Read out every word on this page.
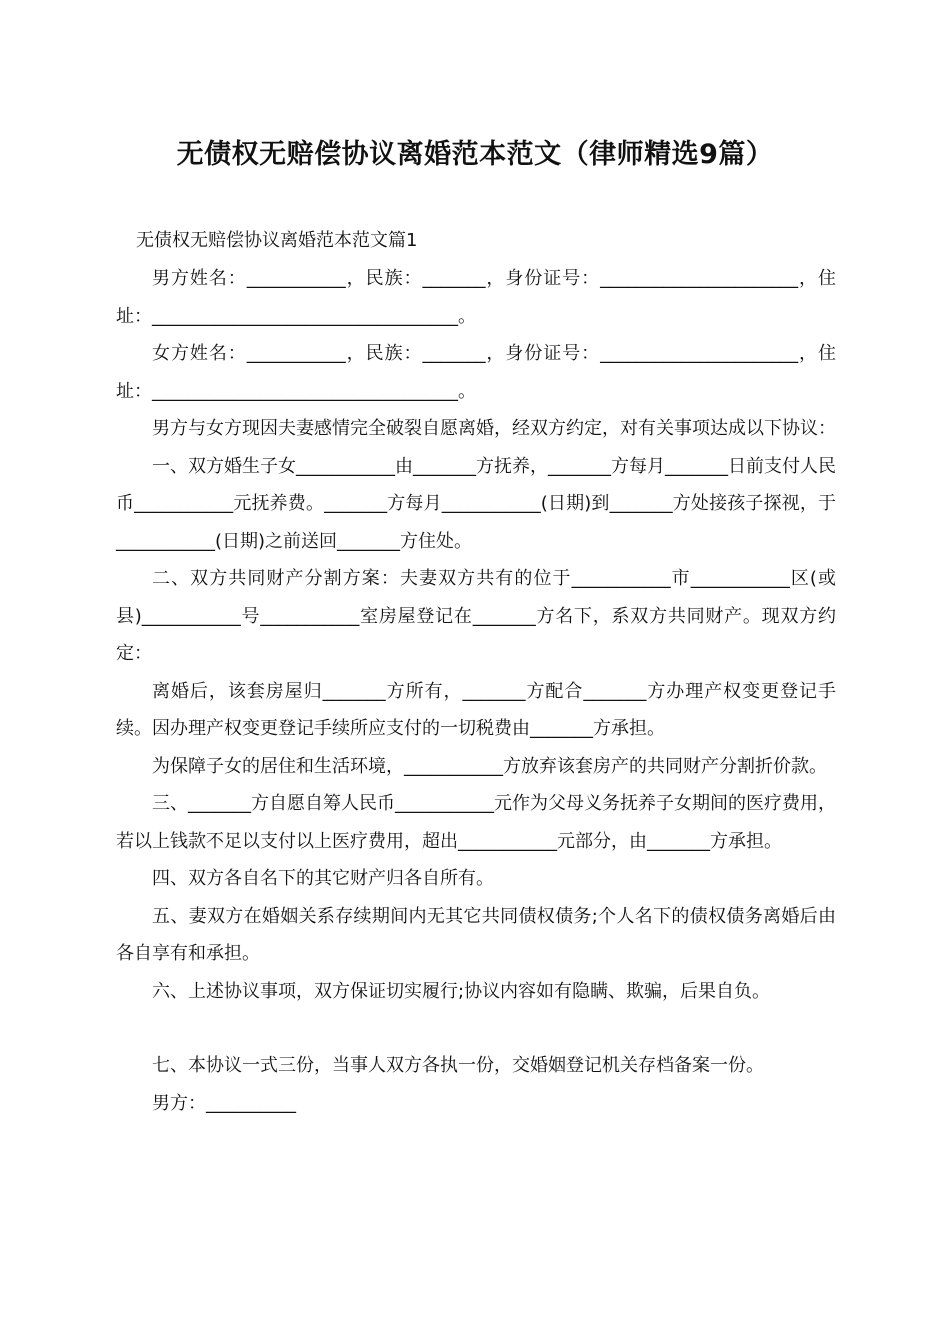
无债权无赔偿协议离婚范本范文（律师精选9篇）
无债权无赔偿协议离婚范本范文篇1

男方姓名：___________，民族：_______，身份证号：______________________，住址：__________________________________。

女方姓名：___________，民族：_______，身份证号：______________________，住址：__________________________________。

男方与女方现因夫妻感情完全破裂自愿离婚，经双方约定，对有关事项达成以下协议：

一、双方婚生子女___________由_______方抚养，_______方每月_______日前支付人民币___________元抚养费。_______方每月___________(日期)到_______方处接孩子探视，于___________(日期)之前送回_______方住处。

二、双方共同财产分割方案：夫妻双方共有的位于___________市___________区(或县)___________号___________室房屋登记在_______方名下，系双方共同财产。现双方约定：

离婚后，该套房屋归_______方所有，_______方配合_______方办理产权变更登记手续。因办理产权变更登记手续所应支付的一切税费由_______方承担。

为保障子女的居住和生活环境，___________方放弃该套房产的共同财产分割折价款。

三、_______方自愿自筹人民币___________元作为父母义务抚养子女期间的医疗费用，若以上钱款不足以支付以上医疗费用，超出___________元部分，由_______方承担。

四、双方各自名下的其它财产归各自所有。

五、妻双方在婚姻关系存续期间内无其它共同债权债务;个人名下的债权债务离婚后由各自享有和承担。

六、上述协议事项，双方保证切实履行;协议内容如有隐瞒、欺骗，后果自负。

七、本协议一式三份，当事人双方各执一份，交婚姻登记机关存档备案一份。

男方：__________
